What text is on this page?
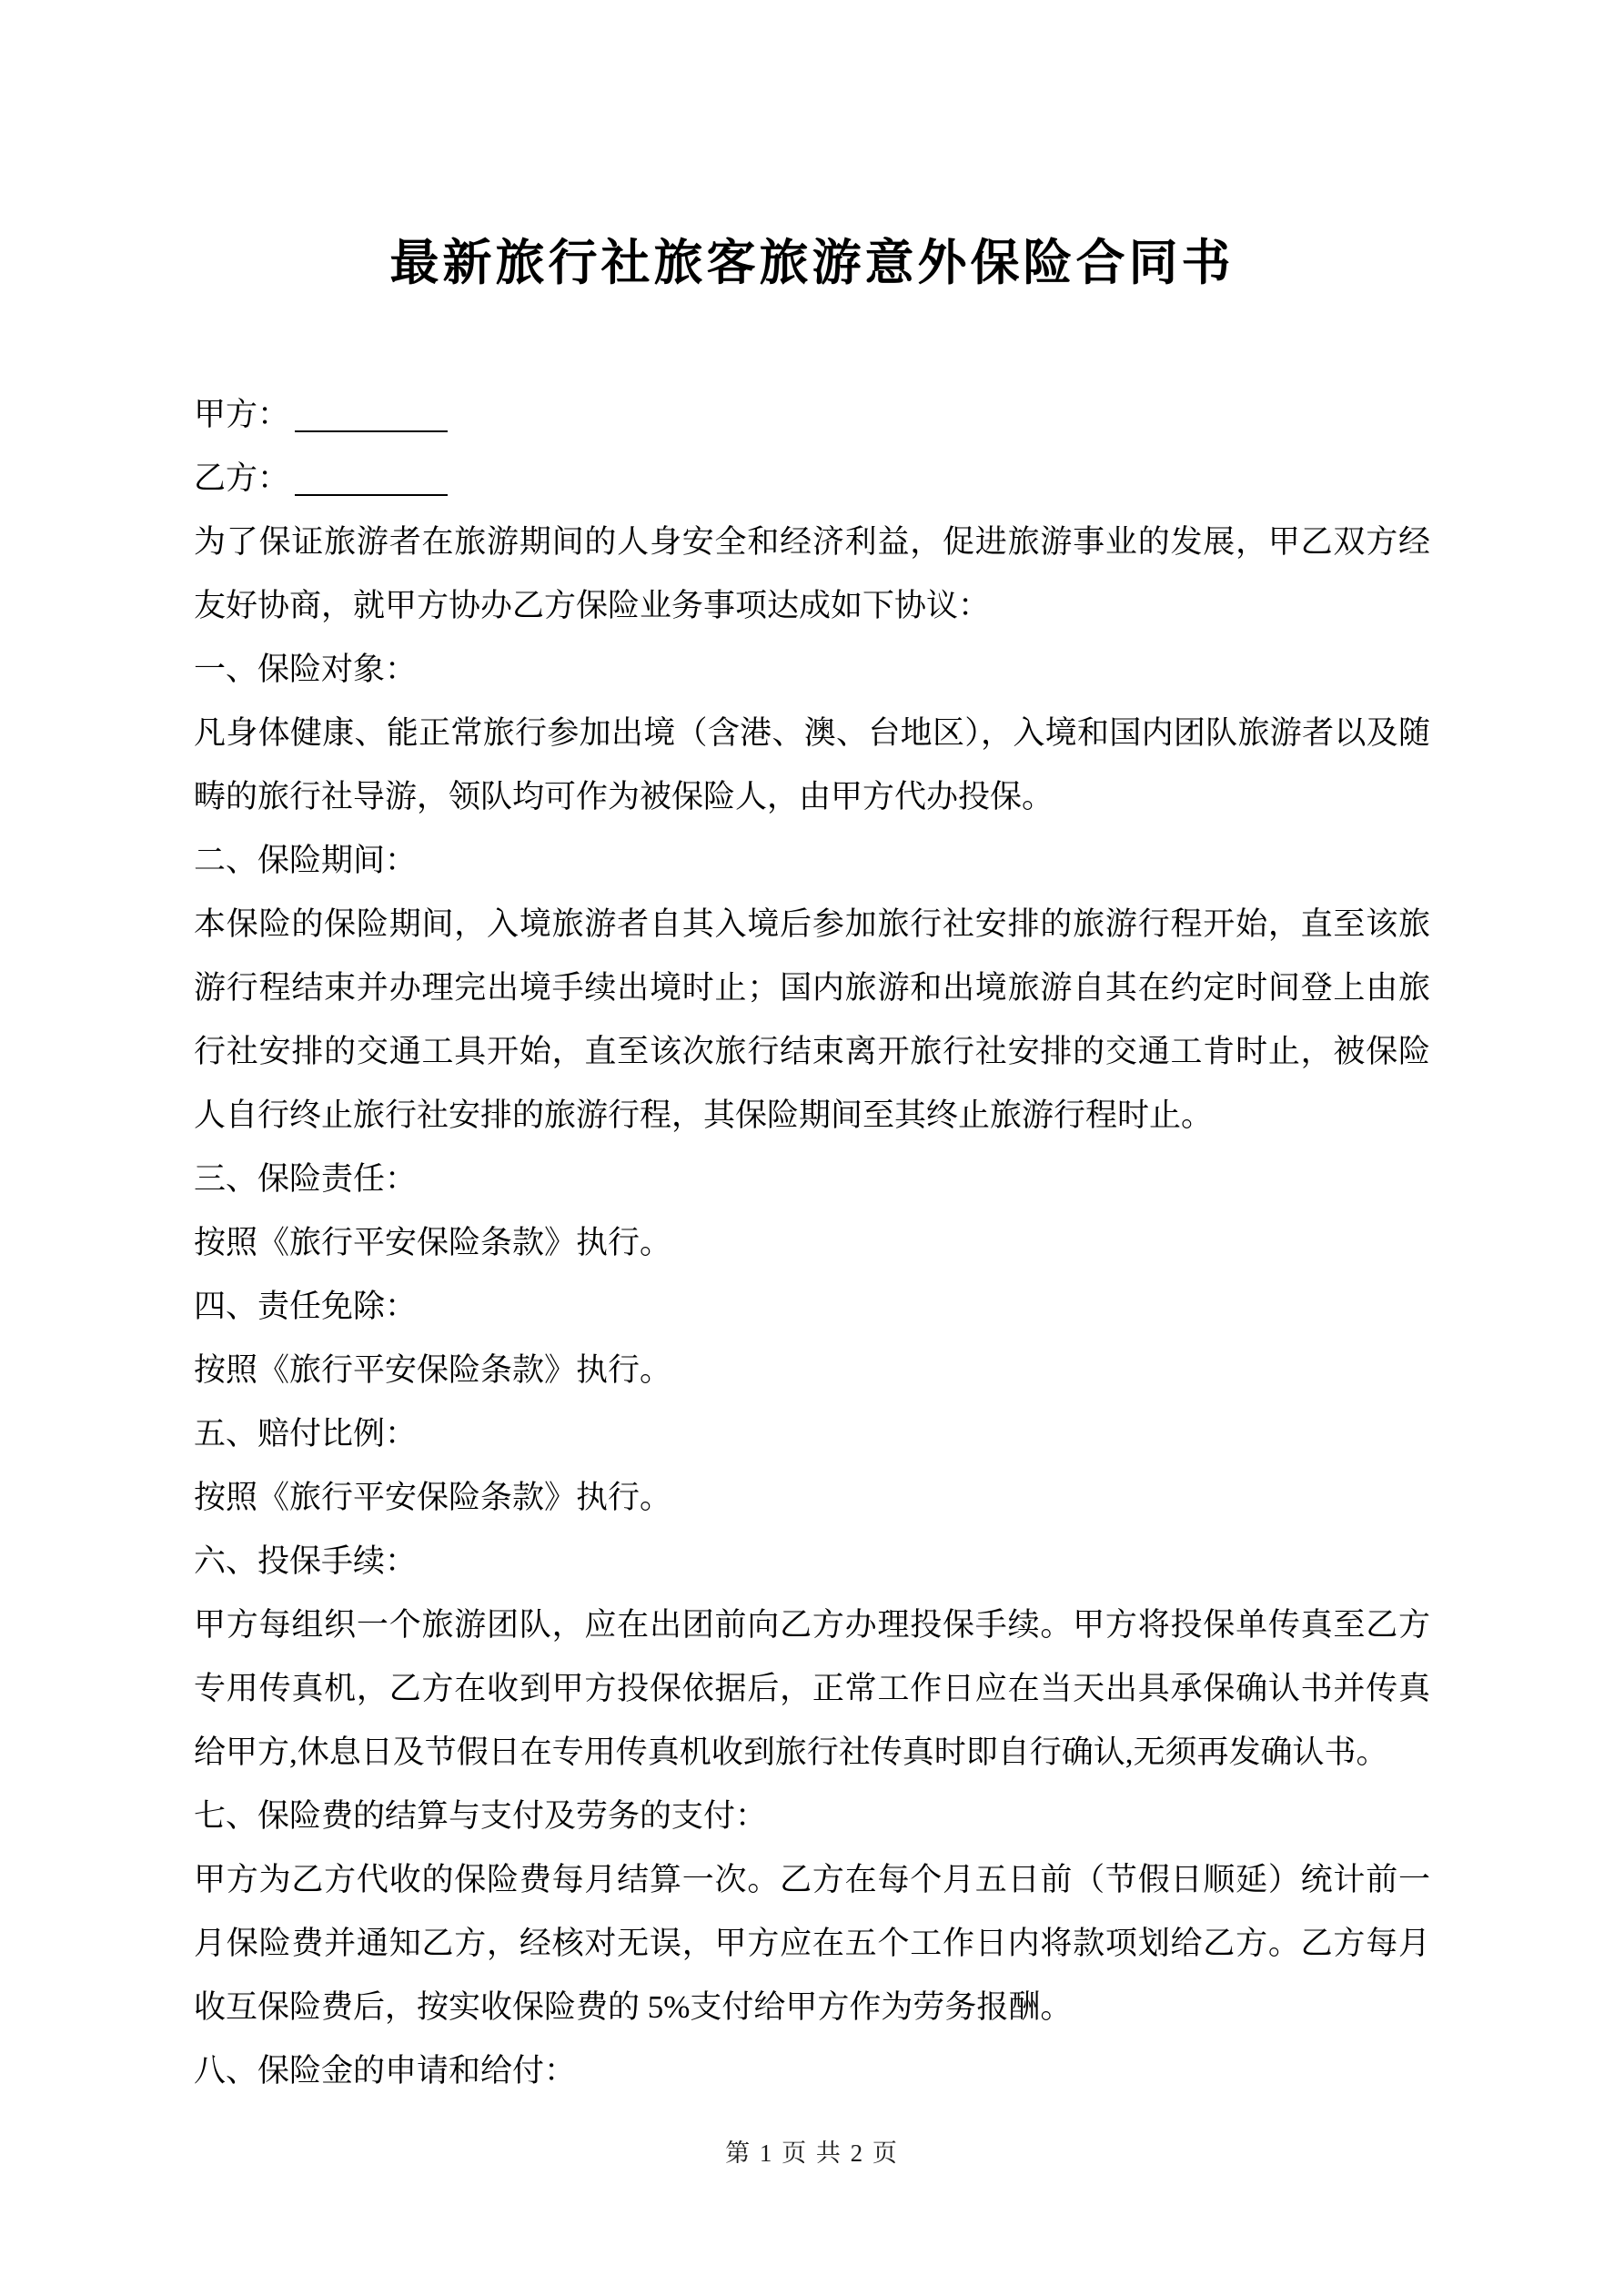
最新旅行社旅客旅游意外保险合同书

甲方：

乙方：

为了保证旅游者在旅游期间的人身安全和经济利益，促进旅游事业的发展，甲乙双方经友好协商，就甲方协办乙方保险业务事项达成如下协议：

一、保险对象：

凡身体健康、能正常旅行参加出境（含港、澳、台地区），入境和国内团队旅游者以及随畴的旅行社导游，领队均可作为被保险人，由甲方代办投保。

二、保险期间：

本保险的保险期间，入境旅游者自其入境后参加旅行社安排的旅游行程开始，直至该旅游行程结束并办理完出境手续出境时止；国内旅游和出境旅游自其在约定时间登上由旅行社安排的交通工具开始，直至该次旅行结束离开旅行社安排的交通工肯时止，被保险人自行终止旅行社安排的旅游行程，其保险期间至其终止旅游行程时止。

三、保险责任：

按照《旅行平安保险条款》执行。

四、责任免除：

按照《旅行平安保险条款》执行。

五、赔付比例：

按照《旅行平安保险条款》执行。

六、投保手续：

甲方每组织一个旅游团队，应在出团前向乙方办理投保手续。甲方将投保单传真至乙方专用传真机，乙方在收到甲方投保依据后，正常工作日应在当天出具承保确认书并传真给甲方,休息日及节假日在专用传真机收到旅行社传真时即自行确认,无须再发确认书。

七、保险费的结算与支付及劳务的支付：

甲方为乙方代收的保险费每月结算一次。乙方在每个月五日前（节假日顺延）统计前一月保险费并通知乙方，经核对无误，甲方应在五个工作日内将款项划给乙方。乙方每月收互保险费后，按实收保险费的 5%支付给甲方作为劳务报酬。

八、保险金的申请和给付：

第 1 页 共 2 页
